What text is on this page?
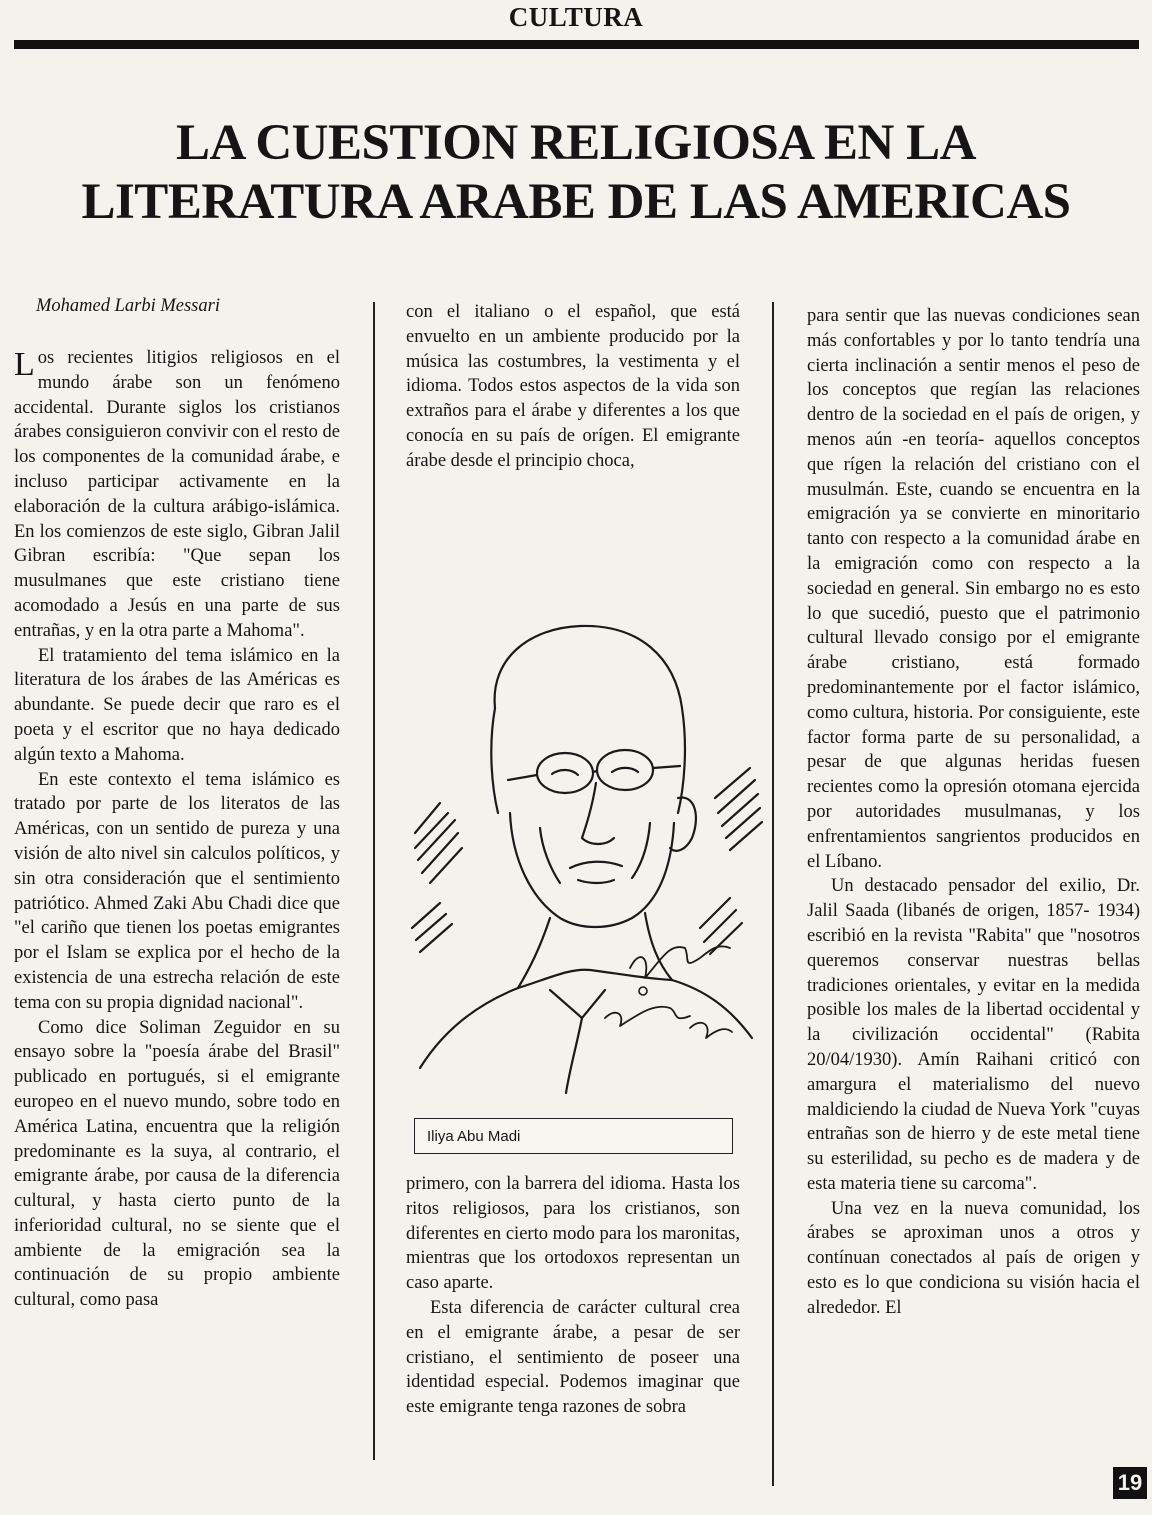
CULTURA
LA CUESTION RELIGIOSA EN LA
LITERATURA ARABE DE LAS AMERICAS
Mohamed Larbi Messari

Los recientes litigios religiosos en el mundo árabe son un fenómeno accidental. Durante siglos los cristianos árabes consiguieron convivir con el resto de los componentes de la comunidad árabe, e incluso participar activamente en la elaboración de la cultura arábigo-islámica. En los comienzos de este siglo, Gibran Jalil Gibran escribía: "Que sepan los musulmanes que este cristiano tiene acomodado a Jesús en una parte de sus entrañas, y en la otra parte a Mahoma".

El tratamiento del tema islámico en la literatura de los árabes de las Américas es abundante. Se puede decir que raro es el poeta y el escritor que no haya dedicado algún texto a Mahoma.

En este contexto el tema islámico es tratado por parte de los literatos de las Américas, con un sentido de pureza y una visión de alto nivel sin calculos políticos, y sin otra consideración que el sentimiento patriótico. Ahmed Zaki Abu Chadi dice que "el cariño que tienen los poetas emigrantes por el Islam se explica por el hecho de la existencia de una estrecha relación de este tema con su propia dignidad nacional".

Como dice Soliman Zeguidor en su ensayo sobre la "poesía árabe del Brasil" publicado en portugués, si el emigrante europeo en el nuevo mundo, sobre todo en América Latina, encuentra que la religión predominante es la suya, al contrario, el emigrante árabe, por causa de la diferencia cultural, y hasta cierto punto de la inferioridad cultural, no se siente que el ambiente de la emigración sea la continuación de su propio ambiente cultural, como pasa

con el italiano o el español, que está envuelto en un ambiente producido por la música las costumbres, la vestimenta y el idioma. Todos estos aspectos de la vida son extraños para el árabe y diferentes a los que conocía en su país de orígen. El emigrante árabe desde el principio choca,

Iliya Abu Madi

primero, con la barrera del idioma. Hasta los ritos religiosos, para los cristianos, son diferentes en cierto modo para los maronitas, mientras que los ortodoxos representan un caso aparte.

Esta diferencia de carácter cultural crea en el emigrante árabe, a pesar de ser cristiano, el sentimiento de poseer una identidad especial. Podemos imaginar que este emigrante tenga razones de sobra

para sentir que las nuevas condiciones sean más confortables y por lo tanto tendría una cierta inclinación a sentir menos el peso de los conceptos que regían las relaciones dentro de la sociedad en el país de origen, y menos aún -en teoría- aquellos conceptos que rígen la relación del cristiano con el musulmán. Este, cuando se encuentra en la emigración ya se convierte en minoritario tanto con respecto a la comunidad árabe en la emigración como con respecto a la sociedad en general. Sin embargo no es esto lo que sucedió, puesto que el patrimonio cultural llevado consigo por el emigrante árabe cristiano, está formado predominantemente por el factor islámico, como cultura, historia. Por consiguiente, este factor forma parte de su personalidad, a pesar de que algunas heridas fuesen recientes como la opresión otomana ejercida por autoridades musulmanas, y los enfrentamientos sangrientos producidos en el Líbano.

Un destacado pensador del exilio, Dr. Jalil Saada (libanés de origen, 1857- 1934) escribió en la revista "Rabita" que "nosotros queremos conservar nuestras bellas tradiciones orientales, y evitar en la medida posible los males de la libertad occidental y la civilización occidental" (Rabita 20/04/1930). Amín Raihani criticó con amargura el materialismo del nuevo maldiciendo la ciudad de Nueva York "cuyas entrañas son de hierro y de este metal tiene su esterilidad, su pecho es de madera y de esta materia tiene su carcoma".

Una vez en la nueva comunidad, los árabes se aproximan unos a otros y contínuan conectados al país de origen y esto es lo que condiciona su visión hacia el alrededor. El

19
